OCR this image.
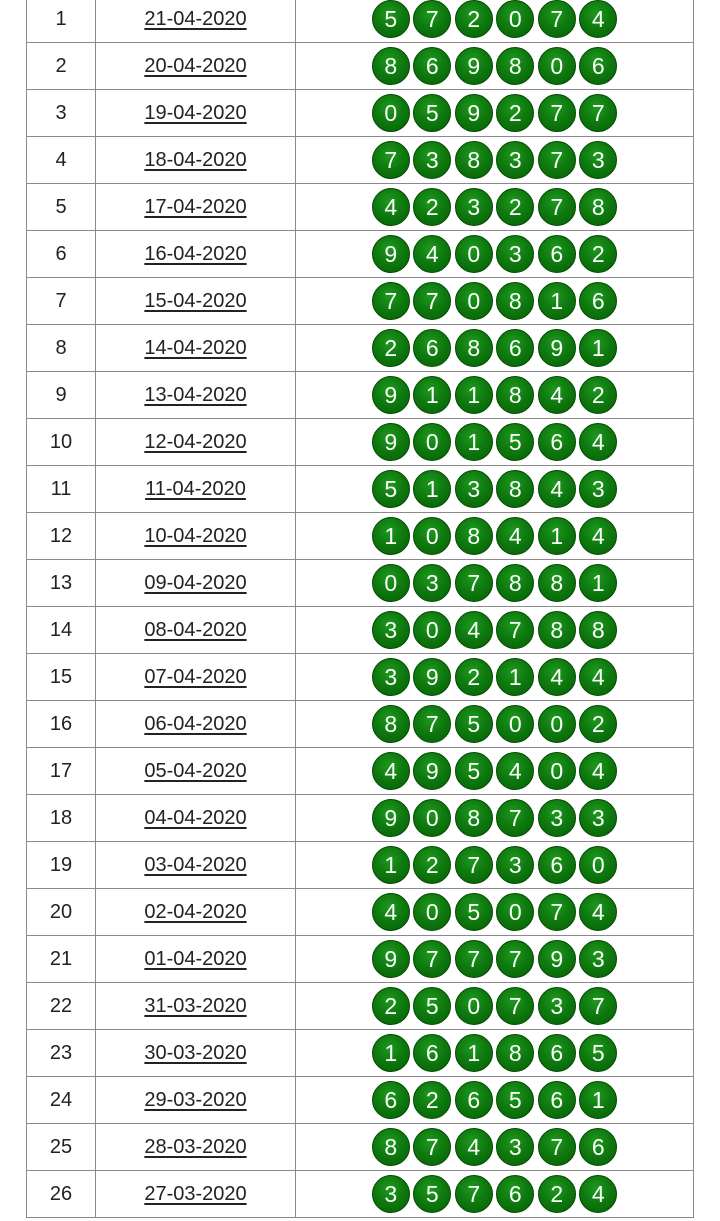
1	21-04-2020	5	7	2	0	7	4
2	20-04-2020	8	6	9	8	0	6
3	19-04-2020	0	5	9	2	7	7
4	18-04-2020	7	3	8	3	7	3
5	17-04-2020	4	2	3	2	7	8
6	16-04-2020	9	4	0	3	6	2
7	15-04-2020	7	7	0	8	1	6
8	14-04-2020	2	6	8	6	9	1
9	13-04-2020	9	1	1	8	4	2
10	12-04-2020	9	0	1	5	6	4
11	11-04-2020	5	1	3	8	4	3
12	10-04-2020	1	0	8	4	1	4
13	09-04-2020	0	3	7	8	8	1
14	08-04-2020	3	0	4	7	8	8
15	07-04-2020	3	9	2	1	4	4
16	06-04-2020	8	7	5	0	0	2
17	05-04-2020	4	9	5	4	0	4
18	04-04-2020	9	0	8	7	3	3
19	03-04-2020	1	2	7	3	6	0
20	02-04-2020	4	0	5	0	7	4
21	01-04-2020	9	7	7	7	9	3
22	31-03-2020	2	5	0	7	3	7
23	30-03-2020	1	6	1	8	6	5
24	29-03-2020	6	2	6	5	6	1
25	28-03-2020	8	7	4	3	7	6
26	27-03-2020	3	5	7	6	2	4
